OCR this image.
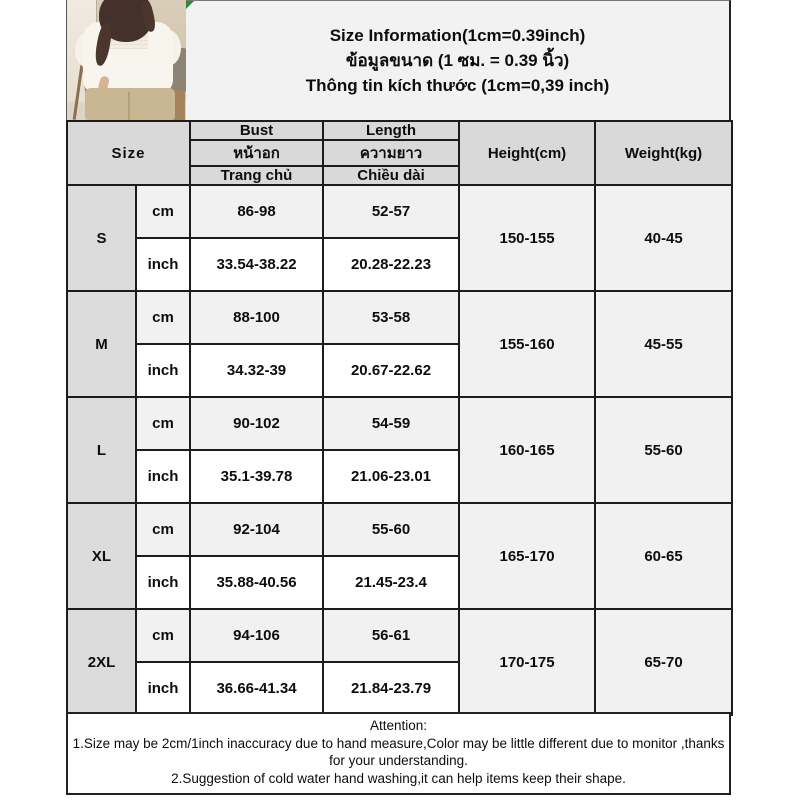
Size Information(1cm=0.39inch)
ข้อมูลขนาด (1 ซม. = 0.39 นิ้ว)
Thông tin kích thước (1cm=0,39 inch)
Size		Bust	Length	Height(cm)	Weight(kg)
		หน้าอก	ความยาว		
		Trang chủ	Chiều dài		
S	cm	86-98	52-57	150-155	40-45
	inch	33.54-38.22	20.28-22.23		
M	cm	88-100	53-58	155-160	45-55
	inch	34.32-39	20.67-22.62		
L	cm	90-102	54-59	160-165	55-60
	inch	35.1-39.78	21.06-23.01		
XL	cm	92-104	55-60	165-170	60-65
	inch	35.88-40.56	21.45-23.4		
2XL	cm	94-106	56-61	170-175	65-70
	inch	36.66-41.34	21.84-23.79		
Attention:
1.Size may be 2cm/1inch inaccuracy due to hand measure,Color may be little different due to monitor ,thanks for your understanding.
2.Suggestion of cold water hand washing,it can help items keep their shape.
